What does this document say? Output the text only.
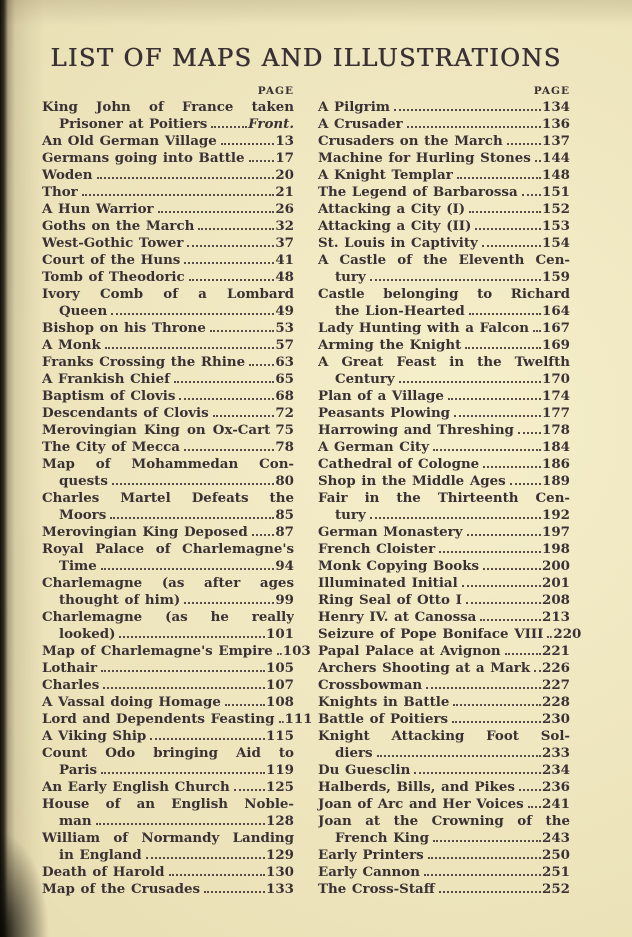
LIST OF MAPS AND ILLUSTRATIONS
PAGE	PAGE
King John of France taken
Prisoner at Poitiers	Front.
An Old German Village	13
Germans going into Battle 17
Woden	20
Thor	21
A Hun Warrior	26
Goths on the March	32
West-Gothic Tower	37
Court of the Huns	41
Tomb of Theodoric	48
Ivory Comb of a Lombard
Queen	49
Bishop on his Throne	53
A Monk	57
Franks Crossing the Rhine 63
A Frankish Chief	65
Baptism of Clovis	68
Descendants of Clovis	72
Merovingian King on Ox-Cart 75
The City of Mecca	78
Map of Mohammedan Con-
quests	80
Charles Martel Defeats the
Moors	85
Merovingian King Deposed 87
Royal Palace of Charlemagne's
Time	94
Charlemagne (as after ages
thought of him)	99
Charlemagne (as he really
looked)	101
Map of Charlemagne's Empire 103
Lothair	105
Charles	107
A Vassal doing Homage	108
Lord and Dependents Feasting 111
A Viking Ship	115
Count Odo bringing Aid to
Paris	119
An Early English Church	125
House of an English Noble-
man	128
William of Normandy Landing
in England	129
Death of Harold	130
Map of the Crusades	133
A Pilgrim	134
A Crusader	136
Crusaders on the March	137
Machine for Hurling Stones 144
A Knight Templar	148
The Legend of Barbarossa 151
Attacking a City (I)	152
Attacking a City (II)	153
St. Louis in Captivity	154
A Castle of the Eleventh Cen-
tury	159
Castle belonging to Richard
the Lion-Hearted	164
Lady Hunting with a Falcon 167
Arming the Knight	169
A Great Feast in the Twelfth
Century	170
Plan of a Village	174
Peasants Plowing	177
Harrowing and Threshing 178
A German City	184
Cathedral of Cologne	186
Shop in the Middle Ages	189
Fair in the Thirteenth Cen-
tury	192
German Monastery	197
French Cloister	198
Monk Copying Books	200
Illuminated Initial	201
Ring Seal of Otto I	208
Henry IV. at Canossa	213
Seizure of Pope Boniface VIII 220
Papal Palace at Avignon	221
Archers Shooting at a Mark 226
Crossbowman	227
Knights in Battle	228
Battle of Poitiers	230
Knight Attacking Foot Sol-
diers	233
Du Guesclin	234
Halberds, Bills, and Pikes 236
Joan of Arc and Her Voices 241
Joan at the Crowning of the
French King	243
Early Printers	250
Early Cannon	251
The Cross-Staff	252
